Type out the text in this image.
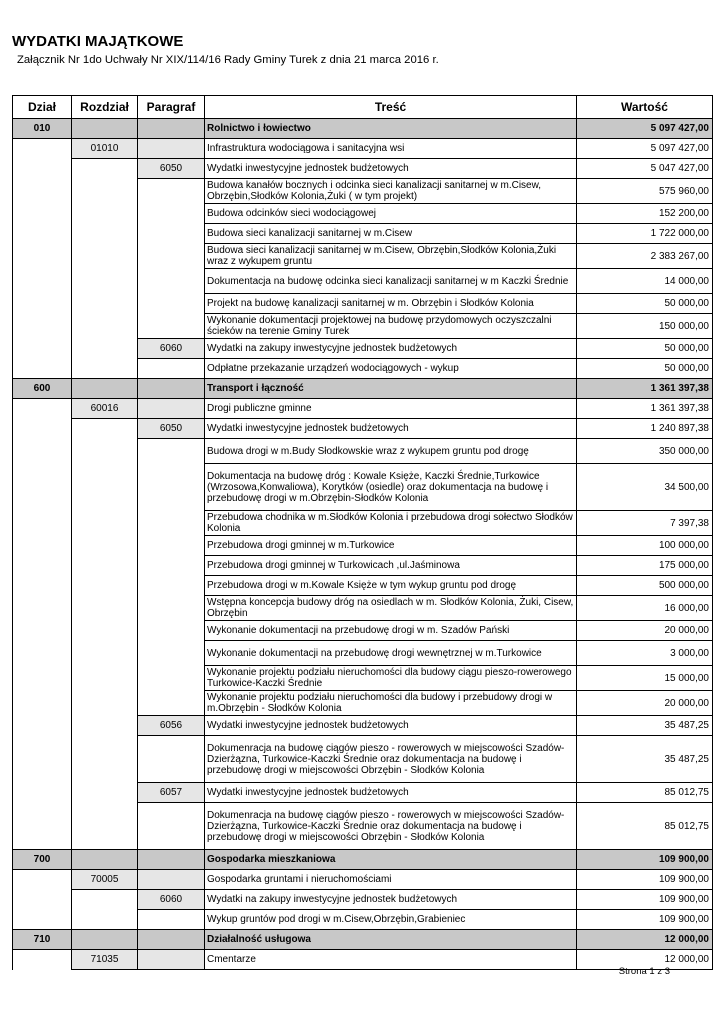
WYDATKI MAJĄTKOWE
Załącznik Nr 1do Uchwały Nr XIX/114/16 Rady Gminy Turek z dnia 21 marca 2016 r.
Dział	Rozdział	Paragraf	Treść	Wartość
010			Rolnictwo i łowiectwo	5 097 427,00
	01010		Infrastruktura wodociągowa i sanitacyjna wsi	5 097 427,00
		6050	Wydatki inwestycyjne jednostek budżetowych	5 047 427,00
			Budowa kanałów bocznych i odcinka sieci kanalizacji sanitarnej w m.Cisew, Obrzębin,Słodków Kolonia,Żuki ( w tym projekt)	575 960,00
			Budowa odcinków sieci wodociągowej	152 200,00
			Budowa sieci kanalizacji sanitarnej w m.Cisew	1 722 000,00
			Budowa sieci kanalizacji sanitarnej w m.Cisew, Obrzębin,Słodków Kolonia,Żuki wraz z wykupem gruntu	2 383 267,00
			Dokumentacja na budowę odcinka sieci kanalizacji sanitarnej w m Kaczki Średnie	14 000,00
			Projekt na budowę kanalizacji sanitarnej w m. Obrzębin i Słodków Kolonia	50 000,00
			Wykonanie dokumentacji projektowej na budowę przydomowych oczyszczalni ścieków na terenie Gminy Turek	150 000,00
		6060	Wydatki na zakupy inwestycyjne jednostek budżetowych	50 000,00
			Odpłatne przekazanie urządzeń wodociągowych - wykup	50 000,00
600			Transport i łączność	1 361 397,38
	60016		Drogi publiczne gminne	1 361 397,38
		6050	Wydatki inwestycyjne jednostek budżetowych	1 240 897,38
			Budowa drogi w m.Budy Słodkowskie wraz z wykupem gruntu pod drogę	350 000,00
			Dokumentacja na budowę dróg : Kowale Księże, Kaczki Średnie,Turkowice (Wrzosowa,Konwaliowa), Korytków (osiedle) oraz dokumentacja na budowę i przebudowę drogi w m.Obrzębin-Słodków Kolonia	34 500,00
			Przebudowa chodnika w m.Słodków Kolonia i przebudowa drogi sołectwo Słodków Kolonia	7 397,38
			Przebudowa drogi gminnej w m.Turkowice	100 000,00
			Przebudowa drogi gminnej w Turkowicach ,ul.Jaśminowa	175 000,00
			Przebudowa drogi w m.Kowale Księże w tym wykup gruntu pod drogę	500 000,00
			Wstępna koncepcja budowy dróg na osiedlach w m. Słodków Kolonia, Żuki, Cisew, Obrzębin	16 000,00
			Wykonanie dokumentacji na przebudowę drogi w m. Szadów Pański	20 000,00
			Wykonanie dokumentacji na przebudowę drogi wewnętrznej w m.Turkowice	3 000,00
			Wykonanie projektu podziału nieruchomości dla budowy ciągu pieszo-rowerowego Turkowice-Kaczki Średnie	15 000,00
			Wykonanie projektu podziału nieruchomości dla budowy i przebudowy drogi w m.Obrzębin - Słodków Kolonia	20 000,00
		6056	Wydatki inwestycyjne jednostek budżetowych	35 487,25
			Dokumenracja na budowę ciągów pieszo - rowerowych w miejscowości Szadów-Dzierżązna, Turkowice-Kaczki Średnie oraz dokumentacja na budowę i przebudowę drogi w miejscowości Obrzębin - Słodków Kolonia	35 487,25
		6057	Wydatki inwestycyjne jednostek budżetowych	85 012,75
			Dokumenracja na budowę ciągów pieszo - rowerowych w miejscowości Szadów-Dzierżązna, Turkowice-Kaczki Średnie oraz dokumentacja na budowę i przebudowę drogi w miejscowości Obrzębin - Słodków Kolonia	85 012,75
700			Gospodarka mieszkaniowa	109 900,00
	70005		Gospodarka gruntami i nieruchomościami	109 900,00
		6060	Wydatki na zakupy inwestycyjne jednostek budżetowych	109 900,00
			Wykup gruntów pod drogi w m.Cisew,Obrzębin,Grabieniec	109 900,00
710			Działalność usługowa	12 000,00
	71035		Cmentarze	12 000,00
Strona 1 z 3
